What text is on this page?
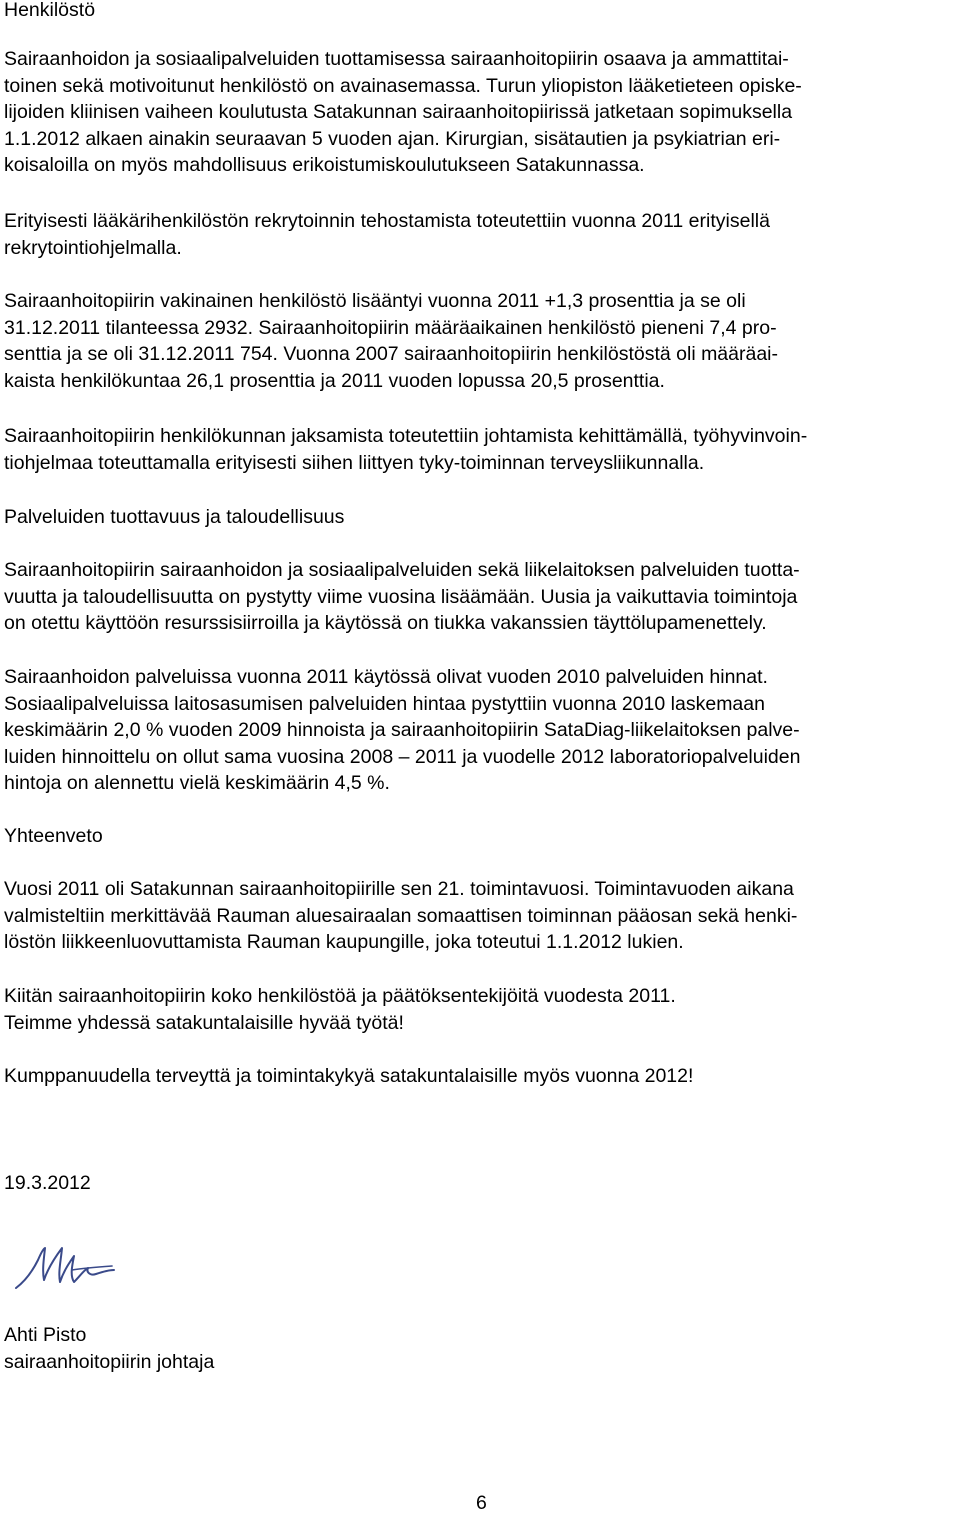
Henkilöstö

Sairaanhoidon ja sosiaalipalveluiden tuottamisessa sairaanhoitopiirin osaava ja ammattitai-
toinen sekä motivoitunut henkilöstö on avainasemassa. Turun yliopiston lääketieteen opiske-
lijoiden kliinisen vaiheen koulutusta Satakunnan sairaanhoitopiirissä jatketaan sopimuksella
1.1.2012 alkaen ainakin seuraavan 5 vuoden ajan. Kirurgian, sisätautien ja psykiatrian eri-
koisaloilla on myös mahdollisuus erikoistumiskoulutukseen Satakunnassa.

Erityisesti lääkärihenkilöstön rekrytoinnin tehostamista toteutettiin vuonna 2011 erityisellä
rekrytointiohjelmalla.

Sairaanhoitopiirin vakinainen henkilöstö lisääntyi vuonna 2011 +1,3 prosenttia ja se oli
31.12.2011 tilanteessa 2932. Sairaanhoitopiirin määräaikainen henkilöstö pieneni 7,4 pro-
senttia ja se oli 31.12.2011 754. Vuonna 2007 sairaanhoitopiirin henkilöstöstä oli määräai-
kaista henkilökuntaa 26,1 prosenttia ja 2011 vuoden lopussa 20,5 prosenttia.

Sairaanhoitopiirin henkilökunnan jaksamista toteutettiin johtamista kehittämällä, työhyvinvoin-
tiohjelmaa toteuttamalla erityisesti siihen liittyen tyky-toiminnan terveysliikunnalla.

Palveluiden tuottavuus ja taloudellisuus

Sairaanhoitopiirin sairaanhoidon ja sosiaalipalveluiden sekä liikelaitoksen palveluiden tuotta-
vuutta ja taloudellisuutta on pystytty viime vuosina lisäämään. Uusia ja vaikuttavia toimintoja
on otettu käyttöön resurssisiirroilla ja käytössä on tiukka vakanssien täyttölupamenettely.

Sairaanhoidon palveluissa vuonna 2011 käytössä olivat vuoden 2010 palveluiden hinnat.
Sosiaalipalveluissa laitosasumisen palveluiden hintaa pystyttiin vuonna 2010 laskemaan
keskimäärin 2,0 % vuoden 2009 hinnoista ja sairaanhoitopiirin SataDiag-liikelaitoksen palve-
luiden hinnoittelu on ollut sama vuosina 2008 – 2011 ja vuodelle 2012 laboratoriopalveluiden
hintoja on alennettu vielä keskimäärin 4,5 %.

Yhteenveto

Vuosi 2011 oli Satakunnan sairaanhoitopiirille sen 21. toimintavuosi. Toimintavuoden aikana
valmisteltiin merkittävää Rauman aluesairaalan somaattisen toiminnan pääosan sekä henki-
löstön liikkeenluovuttamista Rauman kaupungille, joka toteutui 1.1.2012 lukien.

Kiitän sairaanhoitopiirin koko henkilöstöä ja päätöksentekijöitä vuodesta 2011.
Teimme yhdessä satakuntalaisille hyvää työtä!

Kumppanuudella terveyttä ja toimintakykyä satakuntalaisille myös vuonna 2012!

19.3.2012

Ahti Pisto
sairaanhoitopiirin johtaja

6
